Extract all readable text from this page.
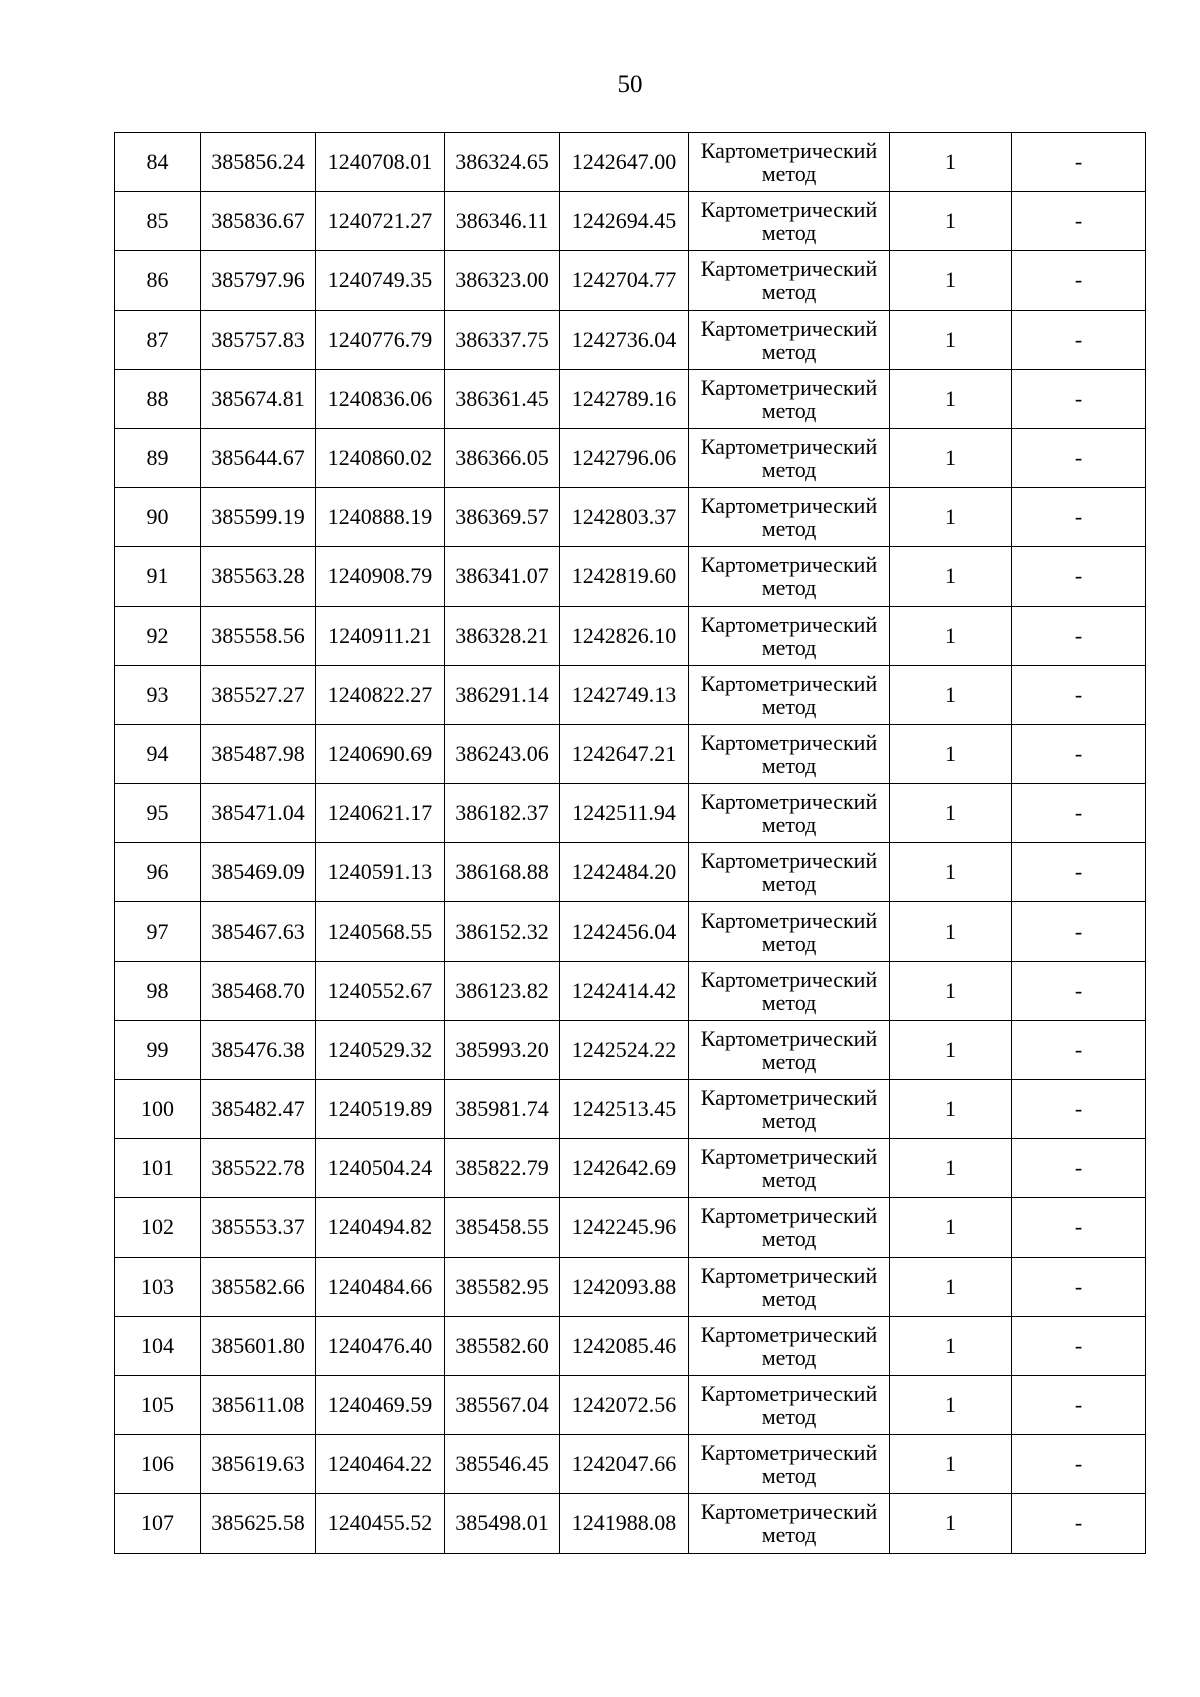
50
84	385856.24	1240708.01	386324.65	1242647.00	Картометрический
метод	1	-
85	385836.67	1240721.27	386346.11	1242694.45	Картометрический
метод	1	-
86	385797.96	1240749.35	386323.00	1242704.77	Картометрический
метод	1	-
87	385757.83	1240776.79	386337.75	1242736.04	Картометрический
метод	1	-
88	385674.81	1240836.06	386361.45	1242789.16	Картометрический
метод	1	-
89	385644.67	1240860.02	386366.05	1242796.06	Картометрический
метод	1	-
90	385599.19	1240888.19	386369.57	1242803.37	Картометрический
метод	1	-
91	385563.28	1240908.79	386341.07	1242819.60	Картометрический
метод	1	-
92	385558.56	1240911.21	386328.21	1242826.10	Картометрический
метод	1	-
93	385527.27	1240822.27	386291.14	1242749.13	Картометрический
метод	1	-
94	385487.98	1240690.69	386243.06	1242647.21	Картометрический
метод	1	-
95	385471.04	1240621.17	386182.37	1242511.94	Картометрический
метод	1	-
96	385469.09	1240591.13	386168.88	1242484.20	Картометрический
метод	1	-
97	385467.63	1240568.55	386152.32	1242456.04	Картометрический
метод	1	-
98	385468.70	1240552.67	386123.82	1242414.42	Картометрический
метод	1	-
99	385476.38	1240529.32	385993.20	1242524.22	Картометрический
метод	1	-
100	385482.47	1240519.89	385981.74	1242513.45	Картометрический
метод	1	-
101	385522.78	1240504.24	385822.79	1242642.69	Картометрический
метод	1	-
102	385553.37	1240494.82	385458.55	1242245.96	Картометрический
метод	1	-
103	385582.66	1240484.66	385582.95	1242093.88	Картометрический
метод	1	-
104	385601.80	1240476.40	385582.60	1242085.46	Картометрический
метод	1	-
105	385611.08	1240469.59	385567.04	1242072.56	Картометрический
метод	1	-
106	385619.63	1240464.22	385546.45	1242047.66	Картометрический
метод	1	-
107	385625.58	1240455.52	385498.01	1241988.08	Картометрический
метод	1	-
